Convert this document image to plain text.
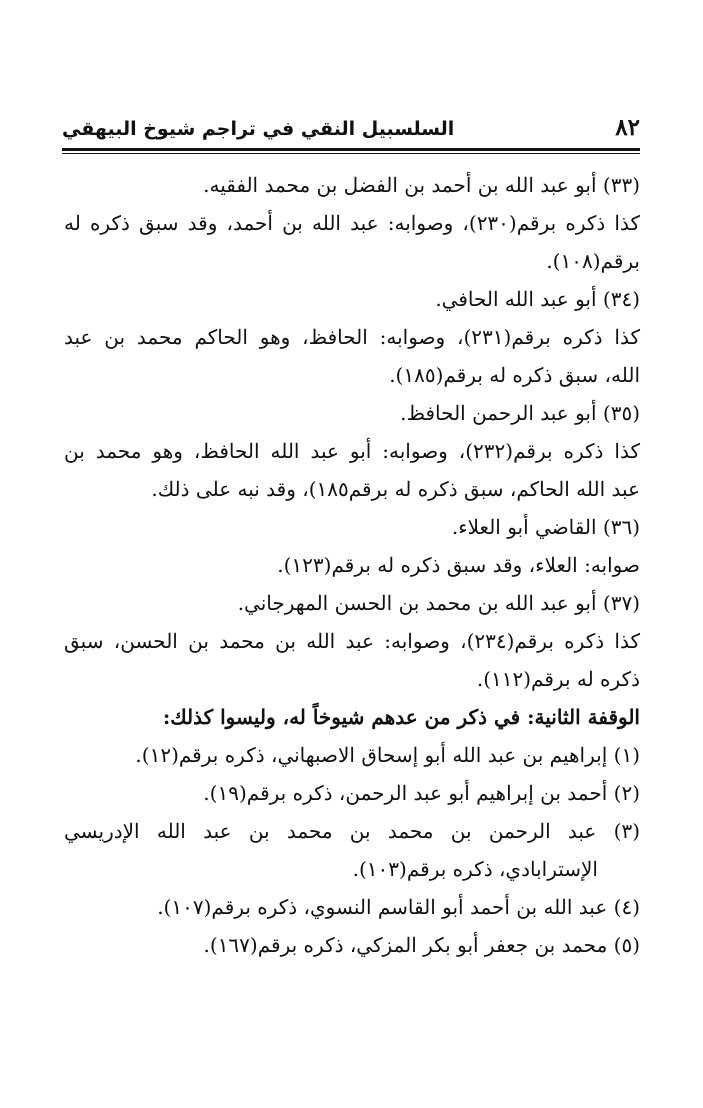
٨٢
السلسبيل النقي في تراجم شيوخ البيهقي
(٣٣) أبو عبد الله بن أحمد بن الفضل بن محمد الفقيه.
كذا ذكره برقم(٢٣٠)، وصوابه: عبد الله بن أحمد، وقد سبق ذكره له
برقم(١٠٨).
(٣٤) أبو عبد الله الحافي.
كذا ذكره برقم(٢٣١)، وصوابه: الحافظ، وهو الحاكم محمد بن عبد
الله، سبق ذكره له برقم(١٨٥).
(٣٥) أبو عبد الرحمن الحافظ.
كذا ذكره برقم(٢٣٢)، وصوابه: أبو عبد الله الحافظ، وهو محمد بن
عبد الله الحاكم، سبق ذكره له برقم١٨٥)، وقد نبه على ذلك.
(٣٦) القاضي أبو العلاء.
صوابه: العلاء، وقد سبق ذكره له برقم(١٢٣).
(٣٧) أبو عبد الله بن محمد بن الحسن المهرجاني.
كذا ذكره برقم(٢٣٤)، وصوابه: عبد الله بن محمد بن الحسن، سبق
ذكره له برقم(١١٢).
الوقفة الثانية: في ذكر من عدهم شيوخاً له، وليسوا كذلك:
(١) إبراهيم بن عبد الله أبو إسحاق الاصبهاني، ذكره برقم(١٢).
(٢) أحمد بن إبراهيم أبو عبد الرحمن، ذكره برقم(١٩).
(٣) عبد الرحمن بن محمد بن محمد بن عبد الله الإدريسي
الإسترابادي، ذكره برقم(١٠٣).
(٤) عبد الله بن أحمد أبو القاسم النسوي، ذكره برقم(١٠٧).
(٥) محمد بن جعفر أبو بكر المزكي، ذكره برقم(١٦٧).
